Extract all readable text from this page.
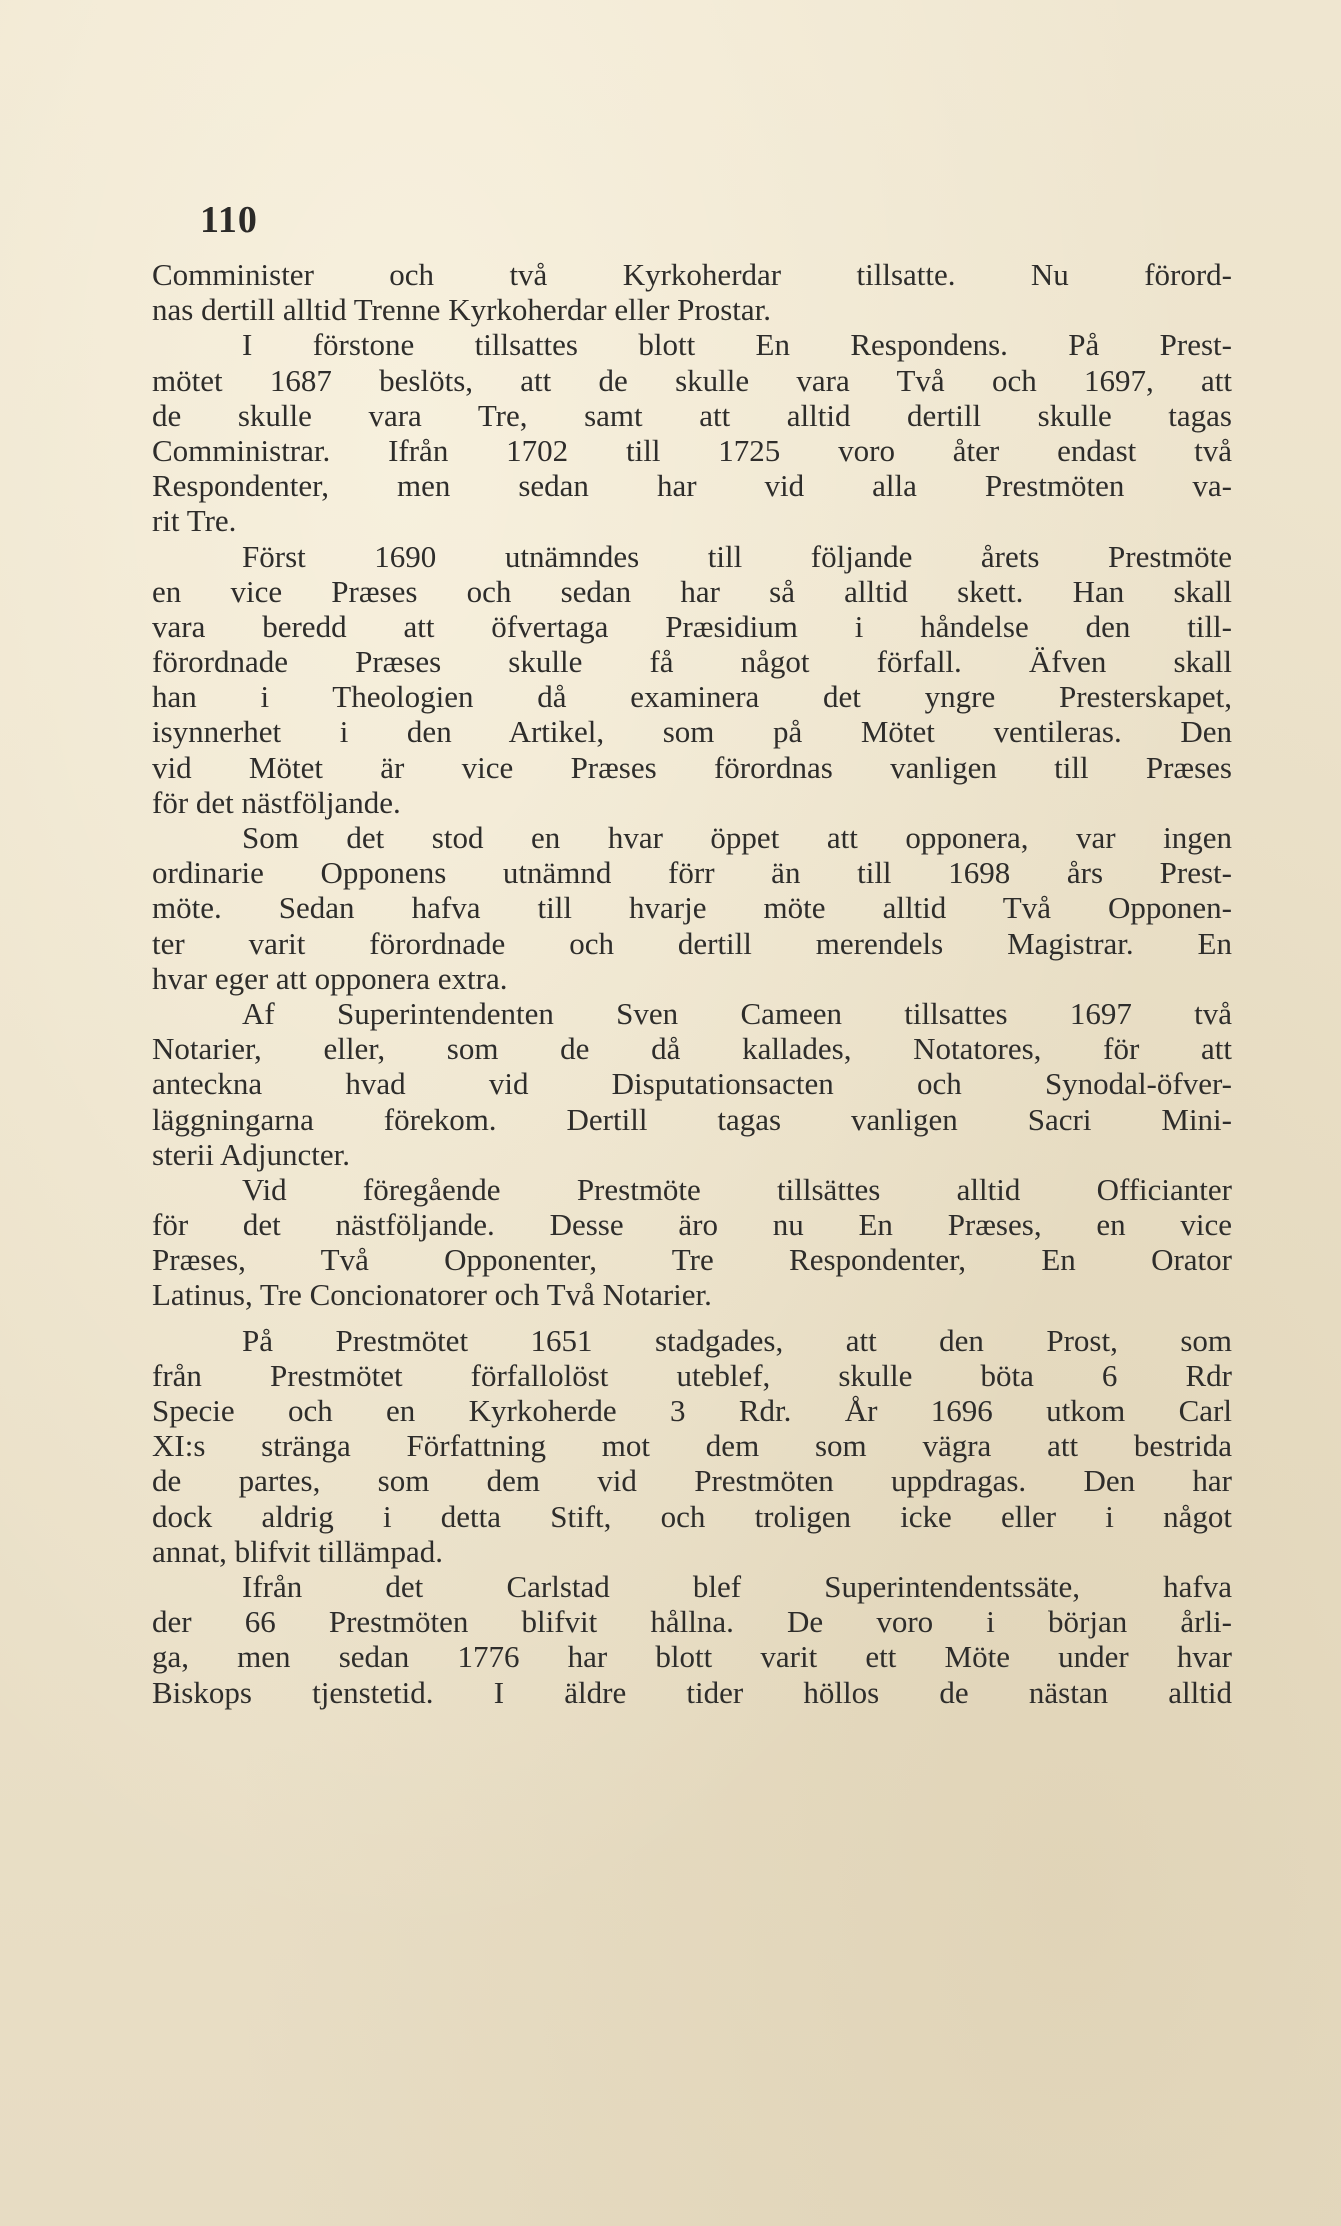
110
Comminister och två Kyrkoherdar tillsatte. Nu förord-
nas dertill alltid Trenne Kyrkoherdar eller Prostar.
I förstone tillsattes blott En Respondens. På Prest-
mötet 1687 beslöts, att de skulle vara Två och 1697, att
de skulle vara Tre, samt att alltid dertill skulle tagas
Comministrar. Ifrån 1702 till 1725 voro åter endast två
Respondenter, men sedan har vid alla Prestmöten va-
rit Tre.
Först 1690 utnämndes till följande årets Prestmöte
en vice Præses och sedan har så alltid skett. Han skall
vara beredd att öfvertaga Præsidium i håndelse den till-
förordnade Præses skulle få något förfall. Äfven skall
han i Theologien då examinera det yngre Presterskapet,
isynnerhet i den Artikel, som på Mötet ventileras. Den
vid Mötet är vice Præses förordnas vanligen till Præses
för det nästföljande.
Som det stod en hvar öppet att opponera, var ingen
ordinarie Opponens utnämnd förr än till 1698 års Prest-
möte. Sedan hafva till hvarje möte alltid Två Opponen-
ter varit förordnade och dertill merendels Magistrar. En
hvar eger att opponera extra.
Af Superintendenten Sven Cameen tillsattes 1697 två
Notarier, eller, som de då kallades, Notatores, för att
anteckna hvad vid Disputationsacten och Synodal-öfver-
läggningarna förekom. Dertill tagas vanligen Sacri Mini-
sterii Adjuncter.
Vid föregående Prestmöte tillsättes alltid Officianter
för det nästföljande. Desse äro nu En Præses, en vice
Præses, Två Opponenter, Tre Respondenter, En Orator
Latinus, Tre Concionatorer och Två Notarier.
På Prestmötet 1651 stadgades, att den Prost, som
från Prestmötet förfallolöst uteblef, skulle böta 6 Rdr
Specie och en Kyrkoherde 3 Rdr. År 1696 utkom Carl
XI:s stränga Författning mot dem som vägra att bestrida
de partes, som dem vid Prestmöten uppdragas. Den har
dock aldrig i detta Stift, och troligen icke eller i något
annat, blifvit tillämpad.
Ifrån det Carlstad blef Superintendentssäte, hafva
der 66 Prestmöten blifvit hållna. De voro i början årli-
ga, men sedan 1776 har blott varit ett Möte under hvar
Biskops tjenstetid. I äldre tider höllos de nästan alltid
